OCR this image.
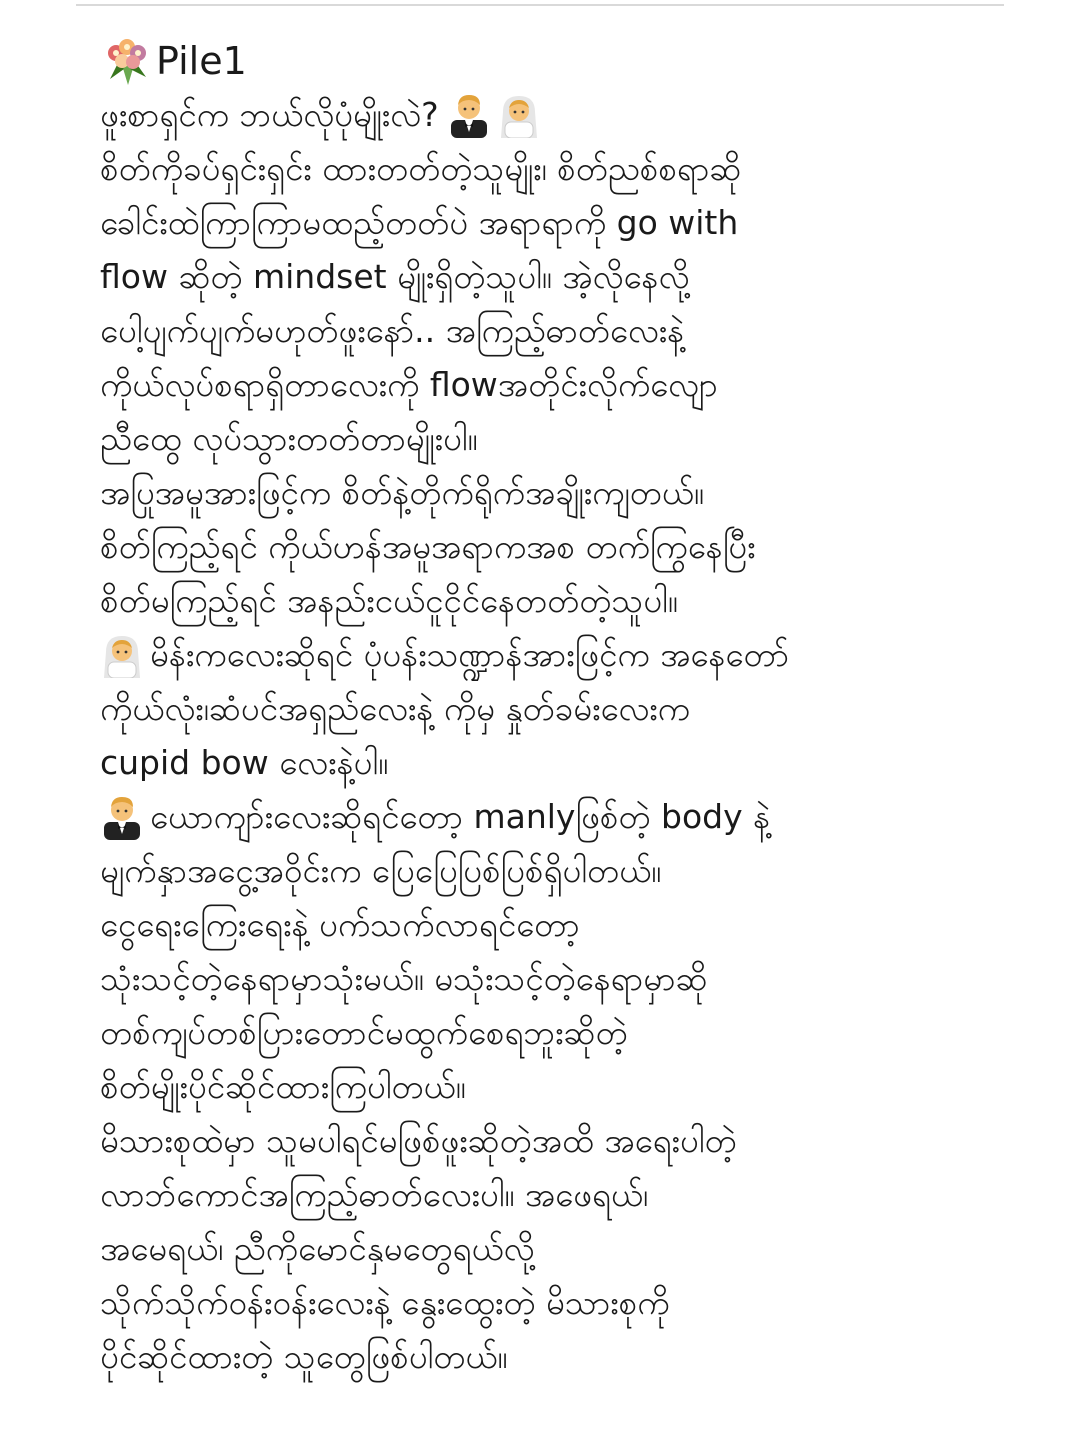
Pile1
ဖူးစာရှင်က ဘယ်လိုပုံမျိုးလဲ?
စိတ်ကိုခပ်ရှင်းရှင်း ထားတတ်တဲ့သူမျိုး၊ စိတ်ညစ်စရာဆို
ခေါင်းထဲကြာကြာမထည့်တတ်ပဲ အရာရာကို go with
flow ဆိုတဲ့ mindset မျိုးရှိတဲ့သူပါ။ အဲ့လိုနေလို့
ပေါ့ပျက်ပျက်မဟုတ်ဖူးနော်.. အကြည့်ဓာတ်လေးနဲ့
ကိုယ်လုပ်စရာရှိတာလေးကို flowအတိုင်းလိုက်လျော
ညီထွေ လုပ်သွားတတ်တာမျိုးပါ။
အပြုအမူအားဖြင့်က စိတ်နဲ့တိုက်ရိုက်အချိုးကျတယ်။
စိတ်ကြည့်ရင် ကိုယ်ဟန်အမူအရာကအစ တက်ကြွနေပြီး
စိတ်မကြည့်ရင် အနည်းငယ်ငူငိုင်နေတတ်တဲ့သူပါ။
မိန်းကလေးဆိုရင် ပုံပန်းသဏ္ဍာန်အားဖြင့်က အနေတော်
ကိုယ်လုံး၊ဆံပင်အရှည်လေးနဲ့ ကိုမှ နှုတ်ခမ်းလေးက
cupid bow လေးနဲ့ပါ။
ယောကျာ်းလေးဆိုရင်တော့ manlyဖြစ်တဲ့ body နဲ့
မျက်နှာအ‌ငွေ့အ‌ဝိုင်းက ပြေပြေပြစ်ပြစ်ရှိပါတယ်။
ငွေရေးကြေးရေးနဲ့ ပက်သက်လာရင်တော့
သုံးသင့်တဲ့နေရာမှာသုံးမယ်။ မသုံးသင့်တဲ့နေရာမှာဆို
တစ်ကျပ်တစ်ပြားတောင်မထွက်စေရဘူးဆိုတဲ့
စိတ်မျိုးပိုင်ဆိုင်ထားကြပါတယ်။
မိသားစုထဲမှာ သူမပါရင်မဖြစ်ဖူးဆိုတဲ့အထိ အရေးပါတဲ့
လာဘ်ကောင်အကြည့်ဓာတ်လေးပါ။ အဖေရယ်၊
အမေရယ်၊ ညီကိုမောင်နှမတွေရယ်လို့
သိုက်သိုက်ဝန်းဝန်းလေးနဲ့ နွေးထွေးတဲ့ မိသားစုကို
ပိုင်ဆိုင်ထားတဲ့ သူတွေဖြစ်ပါတယ်။
